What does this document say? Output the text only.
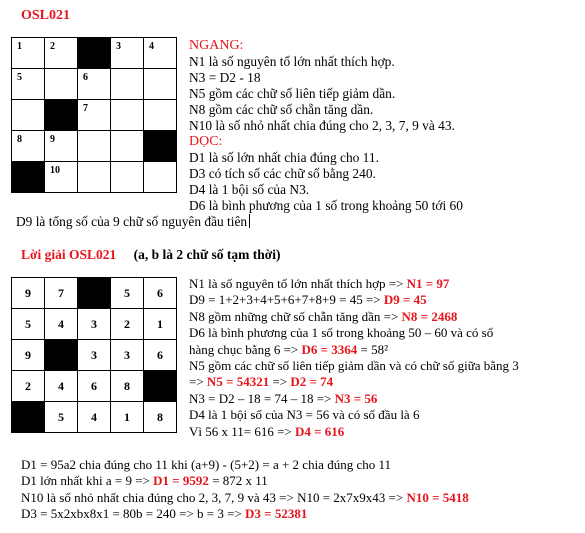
OSL021
1	2		3	4

5		6		

		7		

8	9			

	10			

NGANG:
N1 là số nguyên tố lớn nhất thích hợp.
N3 = D2 - 18
N5 gồm các chữ số liên tiếp giảm dần.
N8 gồm các chữ số chẵn tăng dần.
N10 là số nhỏ nhất chia đúng cho 2, 3, 7, 9 và 43.
DỌC:
D1 là số lớn nhất chia đúng cho 11.
D3 có tích số các chữ số bằng 240.
D4 là 1 bội số của N3.
D6 là bình phương của 1 số trong khoảng 50 tới 60
D9 là tổng số của 9 chữ số nguyên đầu tiên
Lời giải OSL021 (a, b là 2 chữ số tạm thời)
9	7		5	6

5	4	3	2	1

9		3	3	6

2	4	6	8	

	5	4	1	8
N1 là số nguyên tố lớn nhất thích hợp => N1 = 97
D9 = 1+2+3+4+5+6+7+8+9 = 45 => D9 = 45
N8 gồm những chữ số chẵn tăng dần => N8 = 2468
D6 là bình phương của 1 số trong khoảng 50 – 60 và có số
hàng chục bằng 6 => D6 = 3364 = 58²
N5 gồm các chữ số liên tiếp giảm dần và có chữ số giữa bằng 3
=> N5 = 54321 => D2 = 74
N3 = D2 – 18 = 74 – 18 => N3 = 56
D4 là 1 bội số của N3 = 56 và có số đầu là 6
Vì 56 x 11= 616 => D4 = 616
D1 = 95a2 chia đúng cho 11 khi (a+9) - (5+2) = a + 2 chia đúng cho 11
D1 lớn nhất khi a = 9 => D1 = 9592 = 872 x 11
N10 là số nhỏ nhất chia đúng cho 2, 3, 7, 9 và 43 => N10 = 2x7x9x43 => N10 = 5418
D3 = 5x2xbx8x1 = 80b = 240 => b = 3 => D3 = 52381
